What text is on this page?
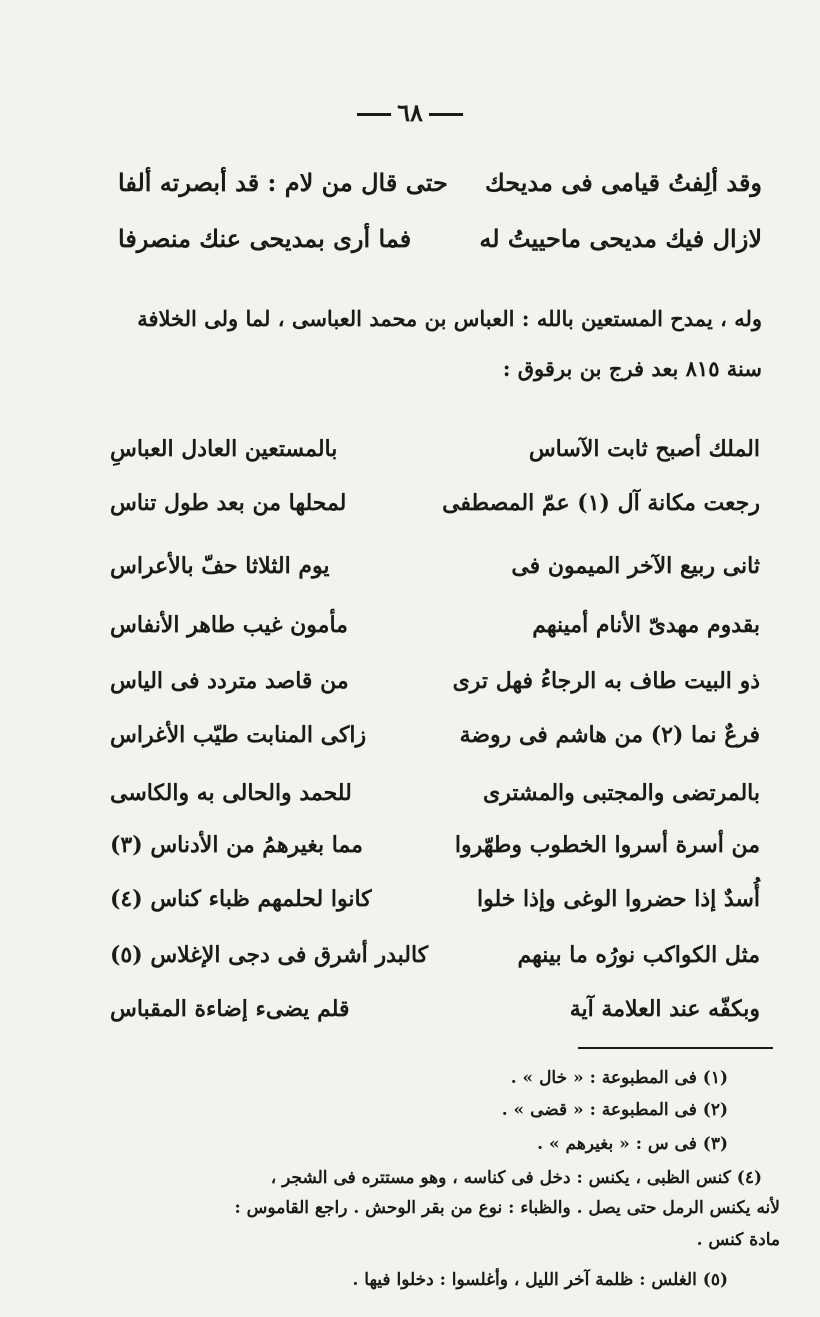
٦٨
وقد ألِفتُ قيامى فى مديحك
حتى قال من لام : قد أبصرته ألفا
لازال فيك مديحى ماحييتُ له
فما أرى بمديحى عنك منصرفا
وله ، يمدح المستعين بالله : العباس بن محمد العباسى ، لما ولى الخلافة
سنة ٨١٥ بعد فرج بن برقوق :
الملك أصبح ثابت الآساس
بالمستعين العادل العباسِ
رجعت مكانة آل (١) عمّ المصطفى
لمحلها من بعد طول تناس
ثانى ربيع الآخر الميمون فى
يوم الثلاثا حفّ بالأعراس
بقدوم مهدىّ الأنام أمينهم
مأمون غيب طاهر الأنفاس
ذو البيت طاف به الرجاءُ فهل ترى
من قاصد متردد فى الياس
فرعٌ نما (٢) من هاشم فى روضة
زاكى المنابت طيّب الأغراس
بالمرتضى والمجتبى والمشترى
للحمد والحالى به والكاسى
من أسرة أسروا الخطوب وطهّروا
مما بغيرهمُ من الأدناس (٣)
أُسدٌ إذا حضروا الوغى وإذا خلوا
كانوا لحلمهم ظباء كناس (٤)
مثل الكواكب نورُه ما بينهم
كالبدر أشرق فى دجى الإغلاس (٥)
وبكفّه عند العلامة آية
قلم يضىء إضاءة المقباس
(١) فى المطبوعة : « خال » .
(٢) فى المطبوعة : « قضى » .
(٣) فى س : « بغيرهم » .
(٤) كنس الظبى ، يكنس : دخل فى كناسه ، وهو مستتره فى الشجر ،
لأنه يكنس الرمل حتى يصل . والظباء : نوع من بقر الوحش . راجع القاموس :
مادة كنس .
(٥) الغلس : ظلمة آخر الليل ، وأغلسوا : دخلوا فيها .
